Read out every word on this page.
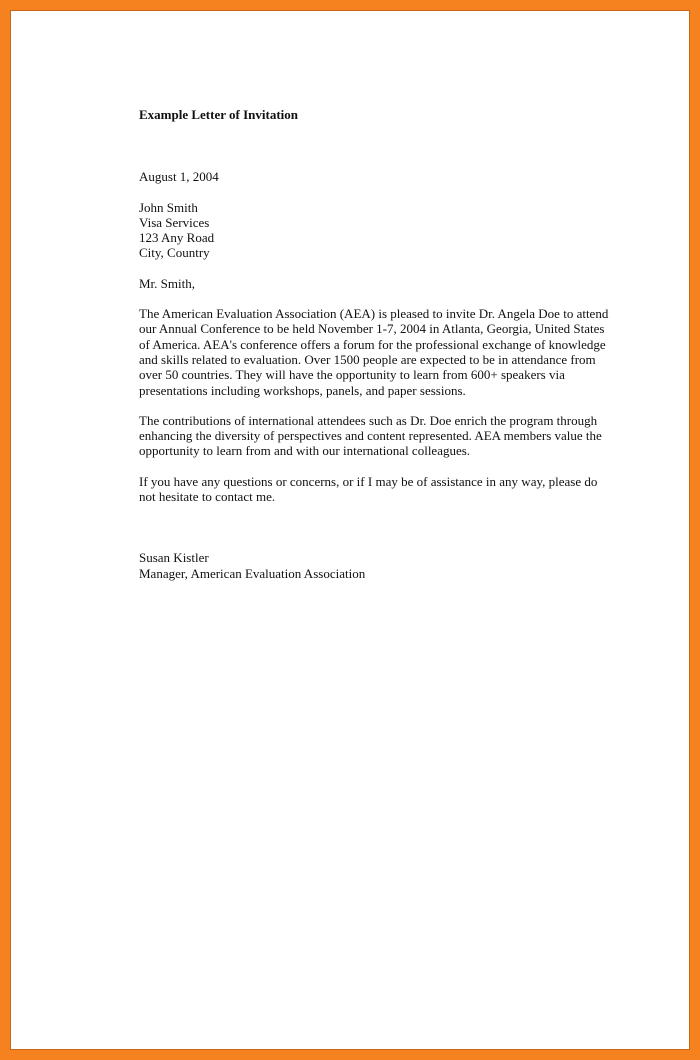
Example Letter of Invitation
August 1, 2004
John Smith
Visa Services
123 Any Road
City, Country
Mr. Smith,

The American Evaluation Association (AEA) is pleased to invite Dr. Angela Doe to attend our Annual Conference to be held November 1-7, 2004 in Atlanta, Georgia, United States of America. AEA's conference offers a forum for the professional exchange of knowledge and skills related to evaluation. Over 1500 people are expected to be in attendance from over 50 countries. They will have the opportunity to learn from 600+ speakers via presentations including workshops, panels, and paper sessions.

The contributions of international attendees such as Dr. Doe enrich the program through enhancing the diversity of perspectives and content represented. AEA members value the opportunity to learn from and with our international colleagues.

If you have any questions or concerns, or if I may be of assistance in any way, please do not hesitate to contact me.

Susan Kistler
Manager, American Evaluation Association
